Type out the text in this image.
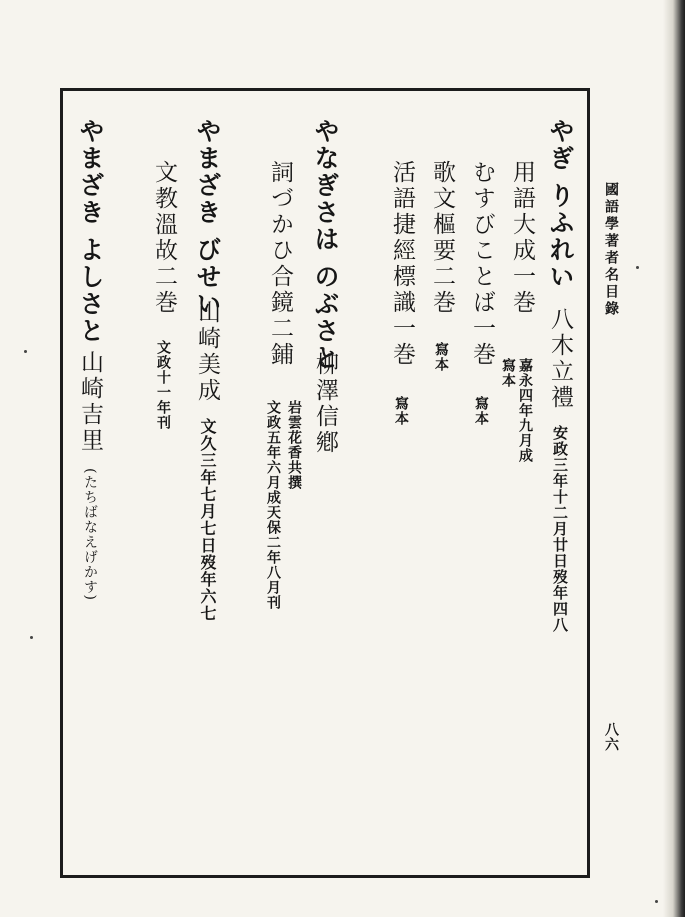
國語學著者名目錄
八六
やぎ りふれい
八木立禮安政三年十二月廿日歿年四八
用語大成一巻
嘉永四年九月成
寫本
むすびことば一巻
寫本
歌文樞要二巻
寫本
活語捷經標識一巻
寫本
やなぎさは のぶさと
柳澤信鄕
詞づかひ合鏡二鋪
岩雲花香共撰
文政五年六月成天保二年八月刊
やまざき びせい
山崎美成文久三年七月七日歿年六七
文教溫故二巻
文政十一年刊
やまざき よしさと
山崎吉里(たちばなえげかす)
